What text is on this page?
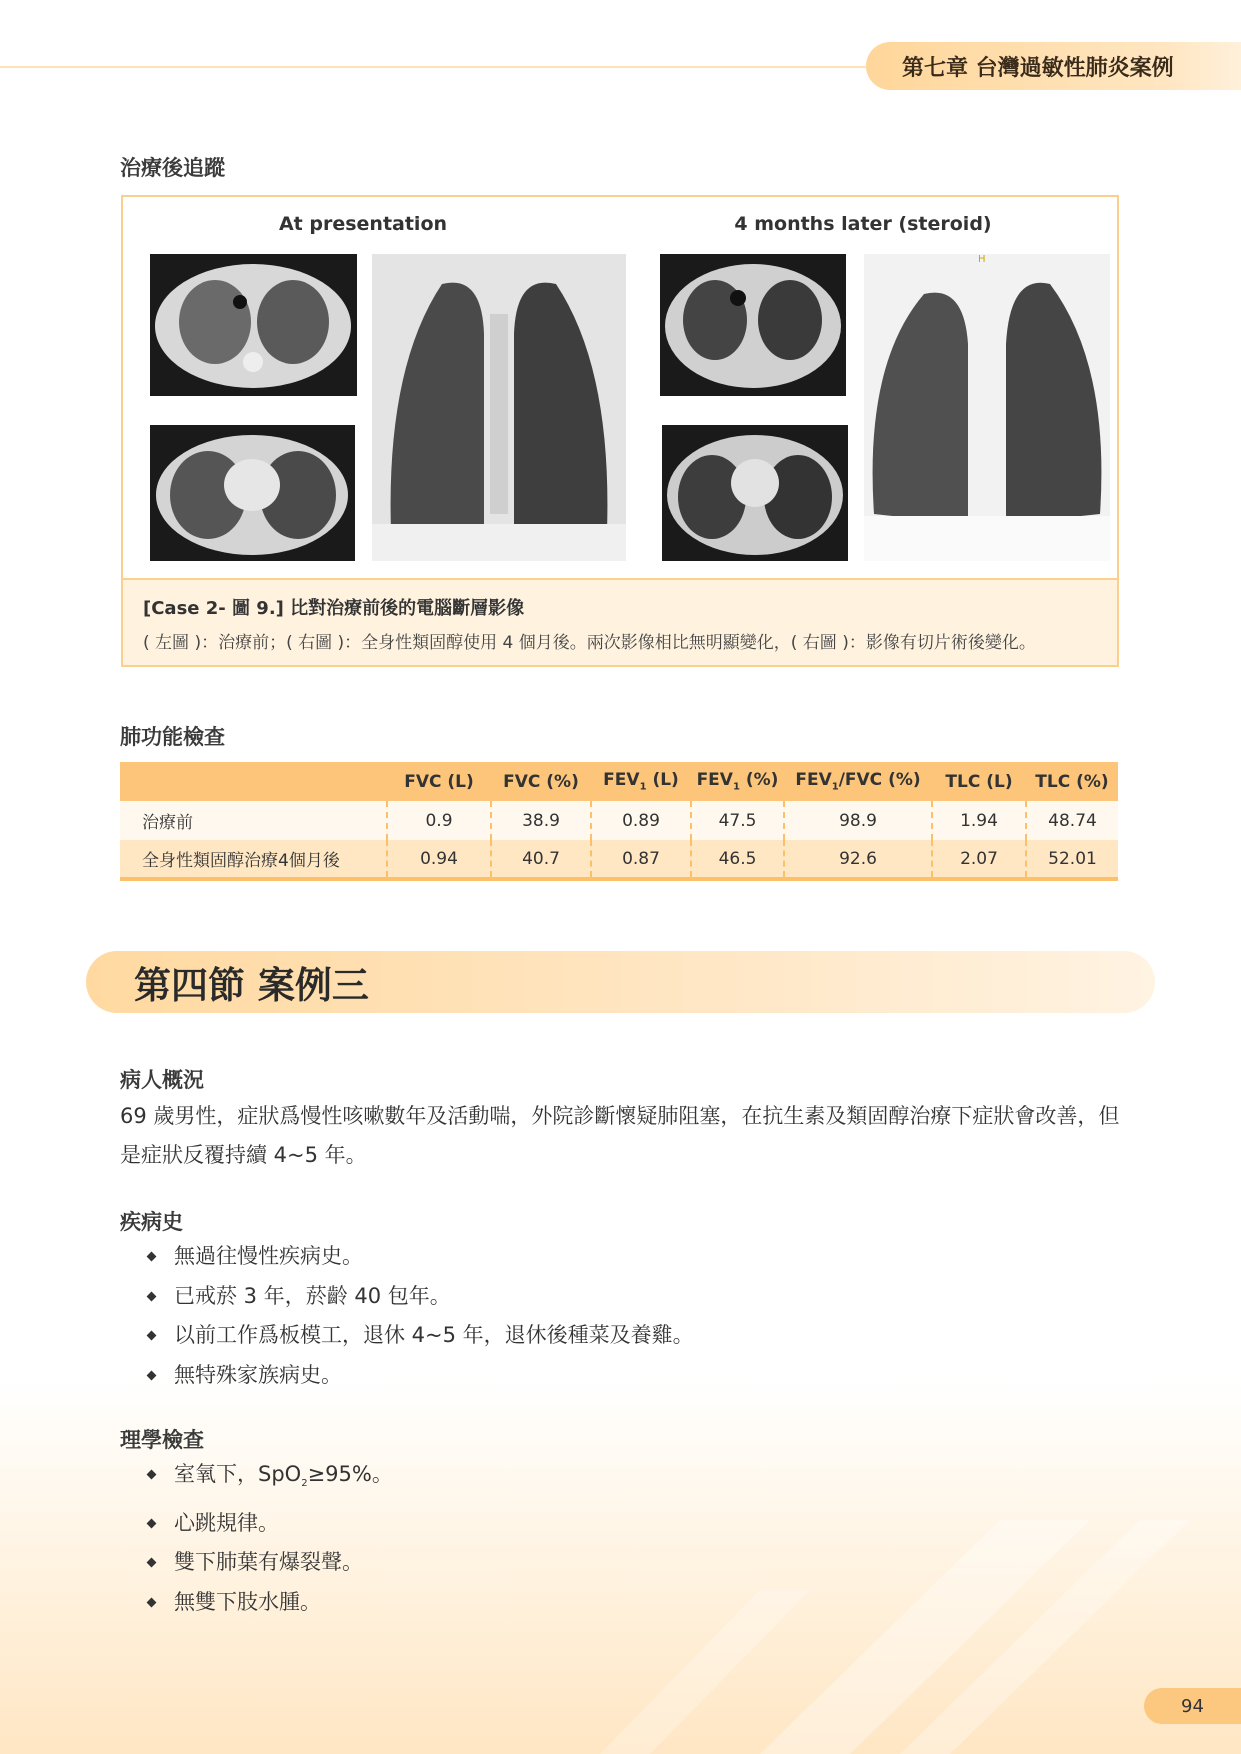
第七章 台灣過敏性肺炎案例
治療後追蹤
At presentation	4 months later (steroid)
H
[Case 2- 圖 9.] 比對治療前後的電腦斷層影像
( 左圖 )：治療前；( 右圖 )：全身性類固醇使用 4 個月後。兩次影像相比無明顯變化，( 右圖 )：影像有切片術後變化。
肺功能檢查
	FVC (L)	FVC (%)	$FEV_1$ (L)	$FEV_1$ (%)	$FEV_1$/FVC (%)	TLC (L)	TLC (%)
治療前	0.9	38.9	0.89	47.5	98.9	1.94	48.74
全身性類固醇治療4個月後	0.94	40.7	0.87	46.5	92.6	2.07	52.01
第四節 案例三
病人概況
69 歲男性，症狀爲慢性咳嗽數年及活動喘，外院診斷懷疑肺阻塞，在抗生素及類固醇治療下症狀會改善，但是症狀反覆持續 4~5 年。
疾病史
無過往慢性疾病史。
已戒菸 3 年，菸齡 40 包年。
以前工作爲板模工，退休 4~5 年，退休後種菜及養雞。
無特殊家族病史。
理學檢查
室氧下，SpO$_2$≥95%。
心跳規律。
雙下肺葉有爆裂聲。
無雙下肢水腫。
94
